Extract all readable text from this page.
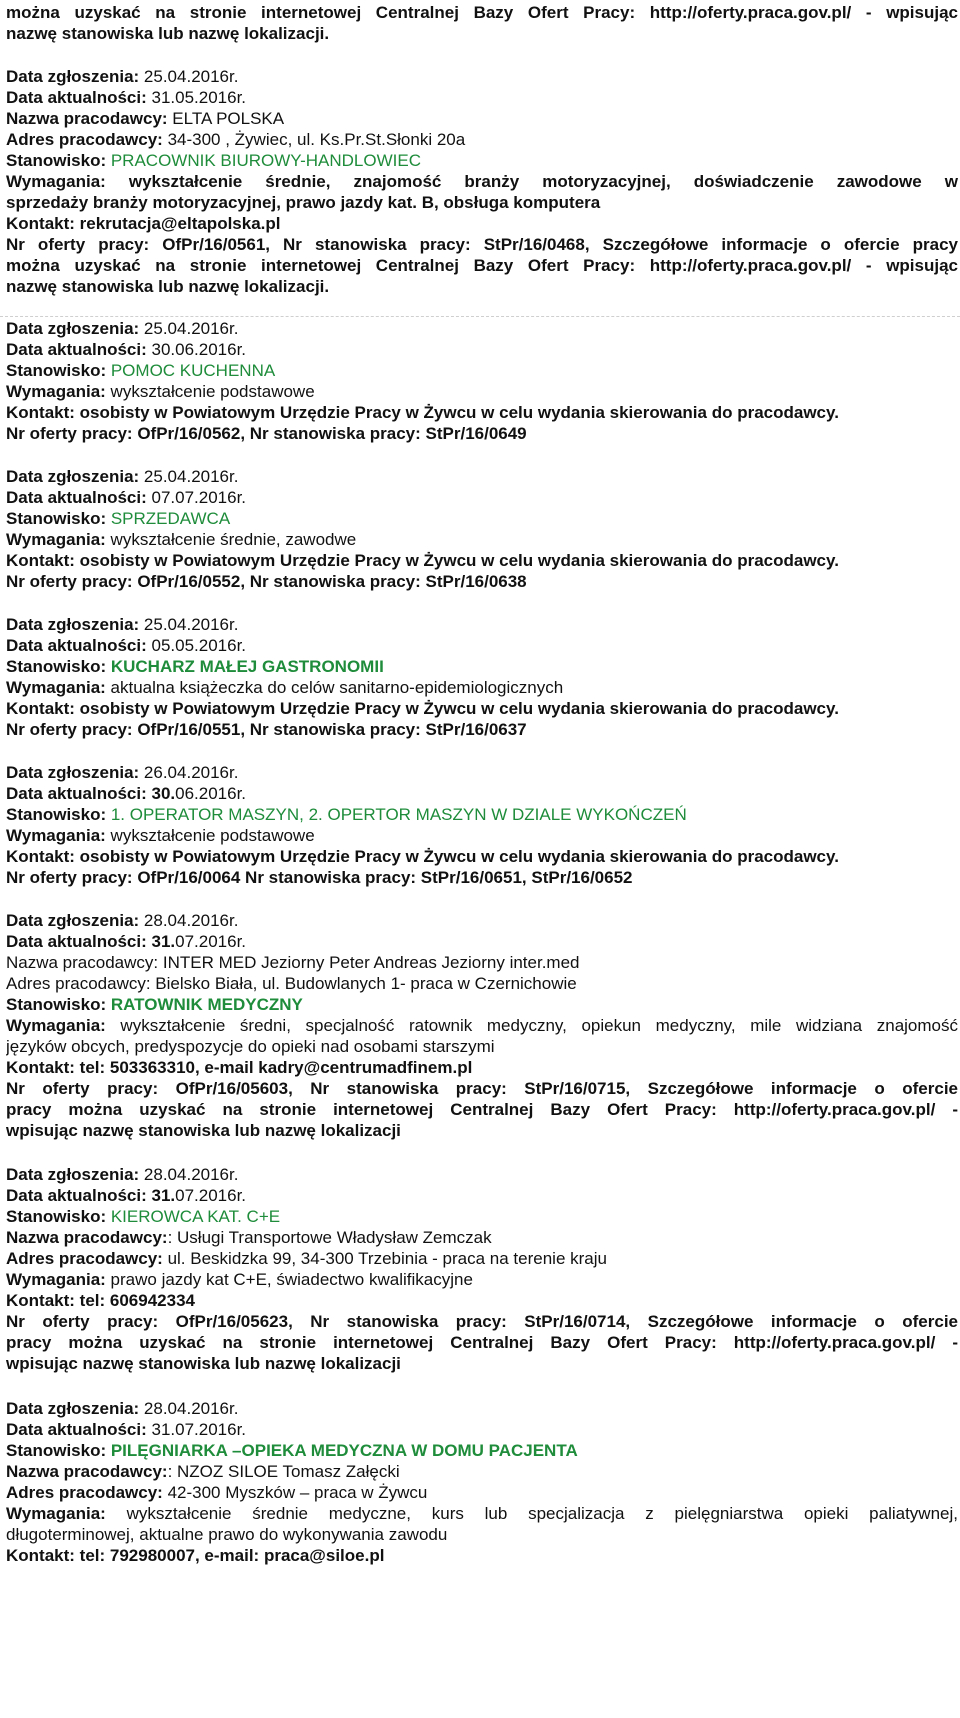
można uzyskać na stronie internetowej Centralnej Bazy Ofert Pracy: http://oferty.praca.gov.pl/ - wpisując
nazwę stanowiska lub nazwę lokalizacji.
Data zgłoszenia: 25.04.2016r.
Data aktualności: 31.05.2016r.
Nazwa pracodawcy: ELTA POLSKA
Adres pracodawcy: 34-300 , Żywiec, ul. Ks.Pr.St.Słonki 20a
Stanowisko: PRACOWNIK BIUROWY-HANDLOWIEC
Wymagania: wykształcenie średnie, znajomość branży motoryzacyjnej, doświadczenie zawodowe w
sprzedaży branży motoryzacyjnej, prawo jazdy kat. B, obsługa komputera
Kontakt: rekrutacja@eltapolska.pl
Nr oferty pracy: OfPr/16/0561, Nr stanowiska pracy: StPr/16/0468, Szczegółowe informacje o ofercie pracy
można uzyskać na stronie internetowej Centralnej Bazy Ofert Pracy: http://oferty.praca.gov.pl/ - wpisując
nazwę stanowiska lub nazwę lokalizacji.
Data zgłoszenia: 25.04.2016r.
Data aktualności: 30.06.2016r.
Stanowisko: POMOC KUCHENNA
Wymagania: wykształcenie podstawowe
Kontakt: osobisty w Powiatowym Urzędzie Pracy w Żywcu w celu wydania skierowania do pracodawcy.
Nr oferty pracy: OfPr/16/0562, Nr stanowiska pracy: StPr/16/0649
Data zgłoszenia: 25.04.2016r.
Data aktualności: 07.07.2016r.
Stanowisko: SPRZEDAWCA
Wymagania: wykształcenie średnie, zawodwe
Kontakt: osobisty w Powiatowym Urzędzie Pracy w Żywcu w celu wydania skierowania do pracodawcy.
Nr oferty pracy: OfPr/16/0552, Nr stanowiska pracy: StPr/16/0638
Data zgłoszenia: 25.04.2016r.
Data aktualności: 05.05.2016r.
Stanowisko: KUCHARZ MAŁEJ GASTRONOMII
Wymagania: aktualna książeczka do celów sanitarno-epidemiologicznych
Kontakt: osobisty w Powiatowym Urzędzie Pracy w Żywcu w celu wydania skierowania do pracodawcy.
Nr oferty pracy: OfPr/16/0551, Nr stanowiska pracy: StPr/16/0637
Data zgłoszenia: 26.04.2016r.
Data aktualności: 30.06.2016r.
Stanowisko: 1. OPERATOR MASZYN, 2. OPERTOR MASZYN W DZIALE WYKOŃCZEŃ
Wymagania: wykształcenie podstawowe
Kontakt: osobisty w Powiatowym Urzędzie Pracy w Żywcu w celu wydania skierowania do pracodawcy.
Nr oferty pracy: OfPr/16/0064 Nr stanowiska pracy: StPr/16/0651, StPr/16/0652
Data zgłoszenia: 28.04.2016r.
Data aktualności: 31.07.2016r.
Nazwa pracodawcy: INTER MED Jeziorny Peter Andreas Jeziorny inter.med
Adres pracodawcy: Bielsko Biała, ul. Budowlanych 1- praca w Czernichowie
Stanowisko: RATOWNIK MEDYCZNY
Wymagania: wykształcenie średni, specjalność ratownik medyczny, opiekun medyczny, mile widziana znajomość
języków obcych, predyspozycje do opieki nad osobami starszymi
Kontakt: tel: 503363310, e-mail kadry@centrumadfinem.pl
Nr oferty pracy: OfPr/16/05603, Nr stanowiska pracy: StPr/16/0715, Szczegółowe informacje o ofercie
pracy można uzyskać na stronie internetowej Centralnej Bazy Ofert Pracy: http://oferty.praca.gov.pl/ -
wpisując nazwę stanowiska lub nazwę lokalizacji
Data zgłoszenia: 28.04.2016r.
Data aktualności: 31.07.2016r.
Stanowisko: KIEROWCA KAT. C+E
Nazwa pracodawcy:: Usługi Transportowe Władysław Zemczak
Adres pracodawcy: ul. Beskidzka 99, 34-300 Trzebinia - praca na terenie kraju
Wymagania: prawo jazdy kat C+E, świadectwo kwalifikacyjne
Kontakt: tel: 606942334
Nr oferty pracy: OfPr/16/05623, Nr stanowiska pracy: StPr/16/0714, Szczegółowe informacje o ofercie
pracy można uzyskać na stronie internetowej Centralnej Bazy Ofert Pracy: http://oferty.praca.gov.pl/ -
wpisując nazwę stanowiska lub nazwę lokalizacji
Data zgłoszenia: 28.04.2016r.
Data aktualności: 31.07.2016r.
Stanowisko: PILĘGNIARKA –OPIEKA MEDYCZNA W DOMU PACJENTA
Nazwa pracodawcy:: NZOZ SILOE Tomasz Załęcki
Adres pracodawcy: 42-300 Myszków – praca w Żywcu
Wymagania: wykształcenie średnie medyczne, kurs lub specjalizacja z pielęgniarstwa opieki paliatywnej,
długoterminowej, aktualne prawo do wykonywania zawodu
Kontakt: tel: 792980007, e-mail: praca@siloe.pl
